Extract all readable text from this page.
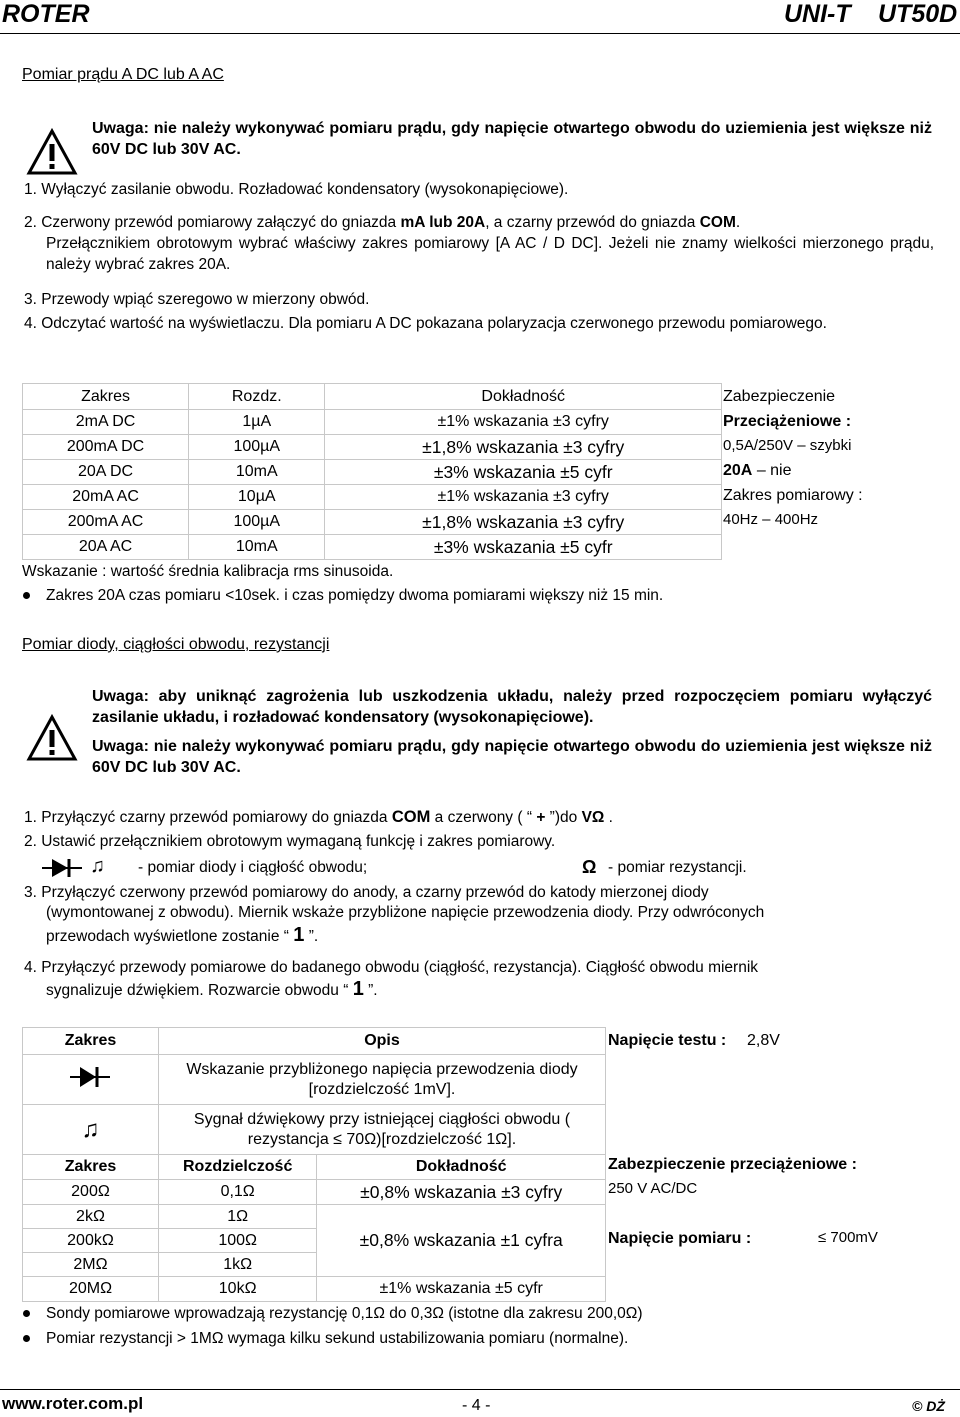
ROTER	UNI-T UT50D
Pomiar prądu A DC lub A AC
Uwaga: nie należy wykonywać pomiaru prądu, gdy napięcie otwartego obwodu do uziemienia jest większe niż 60V DC lub 30V AC.
1. Wyłączyć zasilanie obwodu. Rozładować kondensatory (wysokonapięciowe).
2. Czerwony przewód pomiarowy załączyć do gniazda mA lub 20A, a czarny przewód do gniazda COM.
Przełącznikiem obrotowym wybrać właściwy zakres pomiarowy [A AC / D DC]. Jeżeli nie znamy wielkości mierzonego prądu, należy wybrać zakres 20A.
3. Przewody wpiąć szeregowo w mierzony obwód.
4. Odczytać wartość na wyświetlaczu. Dla pomiaru A DC pokazana polaryzacja czerwonego przewodu pomiarowego.
Zakres	Rozdz.	Dokładność
2mA DC	1µA	±1% wskazania ±3 cyfry
200mA DC	100µA	±1,8% wskazania ±3 cyfry
20A DC	10mA	±3% wskazania ±5 cyfr
20mA AC	10µA	±1% wskazania ±3 cyfry
200mA AC	100µA	±1,8% wskazania ±3 cyfry
20A AC	10mA	±3% wskazania ±5 cyfr
Zabezpieczenie
Przeciążeniowe :
0,5A/250V – szybki
20A – nie
Zakres pomiarowy :
40Hz – 400Hz
Wskazanie : wartość średnia kalibracja rms sinusoida.
Zakres 20A czas pomiaru <10sek. i czas pomiędzy dwoma pomiarami większy niż 15 min.
Pomiar diody, ciągłości obwodu, rezystancji
Uwaga: aby uniknąć zagrożenia lub uszkodzenia układu, należy przed rozpoczęciem pomiaru wyłączyć zasilanie układu, i rozładować kondensatory (wysokonapięciowe).
Uwaga: nie należy wykonywać pomiaru prądu, gdy napięcie otwartego obwodu do uziemienia jest większe niż 60V DC lub 30V AC.
1. Przyłączyć czarny przewód pomiarowy do gniazda COM a czerwony ( “ + ”)do VΩ .
2. Ustawić przełącznikiem obrotowym wymaganą funkcję i zakres pomiarowy.
♫ - pomiar diody i ciągłość obwodu;	Ω - pomiar rezystancji.
3. Przyłączyć czerwony przewód pomiarowy do anody, a czarny przewód do katody mierzonej diody
(wymontowanej z obwodu). Miernik wskaże przybliżone napięcie przewodzenia diody. Przy odwróconych
przewodach wyświetlone zostanie “ 1 ”.
4. Przyłączyć przewody pomiarowe do badanego obwodu (ciągłość, rezystancja). Ciągłość obwodu miernik
sygnalizuje dźwiękiem. Rozwarcie obwodu “ 1 ”.
Zakres	Opis	
	Wskazanie przybliżonego napięcia przewodzenia diody [rozdzielczość 1mV].	
♫	Sygnał dźwiękowy przy istniejącej ciągłości obwodu ( rezystancja ≤ 70Ω)[rozdzielczość 1Ω].	
Zakres	Rozdzielczość	Dokładność
200Ω	0,1Ω	±0,8% wskazania ±3 cyfry
2kΩ	1Ω	±0,8% wskazania ±1 cyfra
200kΩ	100Ω	
2MΩ	1kΩ	
20MΩ	10kΩ	±1% wskazania ±5 cyfr
Napięcie testu : 2,8V
Zabezpieczenie przeciążeniowe :
250 V AC/DC
Napięcie pomiaru :	≤ 700mV
Sondy pomiarowe wprowadzają rezystancję 0,1Ω do 0,3Ω (istotne dla zakresu 200,0Ω)
Pomiar rezystancji > 1MΩ wymaga kilku sekund ustabilizowania pomiaru (normalne).
www.roter.com.pl	- 4 -	© DŻ
